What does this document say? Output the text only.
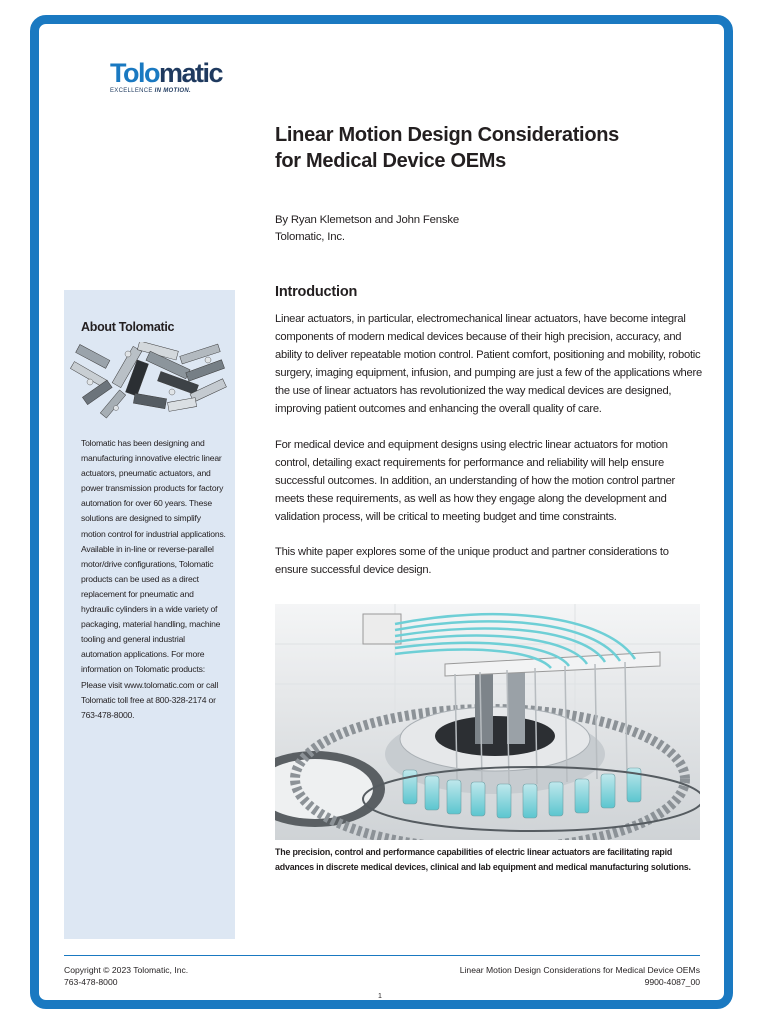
Tolomatic
EXCELLENCE IN MOTION.
Linear Motion Design Considerations
for Medical Device OEMs
By Ryan Klemetson and John Fenske
Tolomatic, Inc.
About Tolomatic
Tolomatic has been designing and manufacturing innovative electric linear actuators, pneumatic actuators, and power transmission products for factory automation for over 60 years. These solutions are designed to simplify motion control for industrial applications. Available in in-line or reverse-parallel motor/drive configurations, Tolomatic products can be used as a direct replacement for pneumatic and hydraulic cylinders in a wide variety of packaging, material handling, machine tooling and general industrial automation applications. For more information on Tolomatic products: Please visit www.tolomatic.com or call Tolomatic toll free at 800-328-2174 or 763-478-8000.
Introduction
Linear actuators, in particular, electromechanical linear actuators, have become integral components of modern medical devices because of their high precision, accuracy, and ability to deliver repeatable motion control. Patient comfort, positioning and mobility, robotic surgery, imaging equipment, infusion, and pumping are just a few of the applications where the use of linear actuators has revolutionized the way medical devices are designed, improving patient outcomes and enhancing the overall quality of care.
For medical device and equipment designs using electric linear actuators for motion control, detailing exact requirements for performance and reliability will help ensure successful outcomes. In addition, an understanding of how the motion control partner meets these requirements, as well as how they engage along the development and validation process, will be critical to meeting budget and time constraints.
This white paper explores some of the unique product and partner considerations to ensure successful device design.
The precision, control and performance capabilities of electric linear actuators are facilitating rapid advances in discrete medical devices, clinical and lab equipment and medical manufacturing solutions.
Copyright © 2023 Tolomatic, Inc.
763-478-8000
Linear Motion Design Considerations for Medical Device OEMs
9900-4087_00
1
